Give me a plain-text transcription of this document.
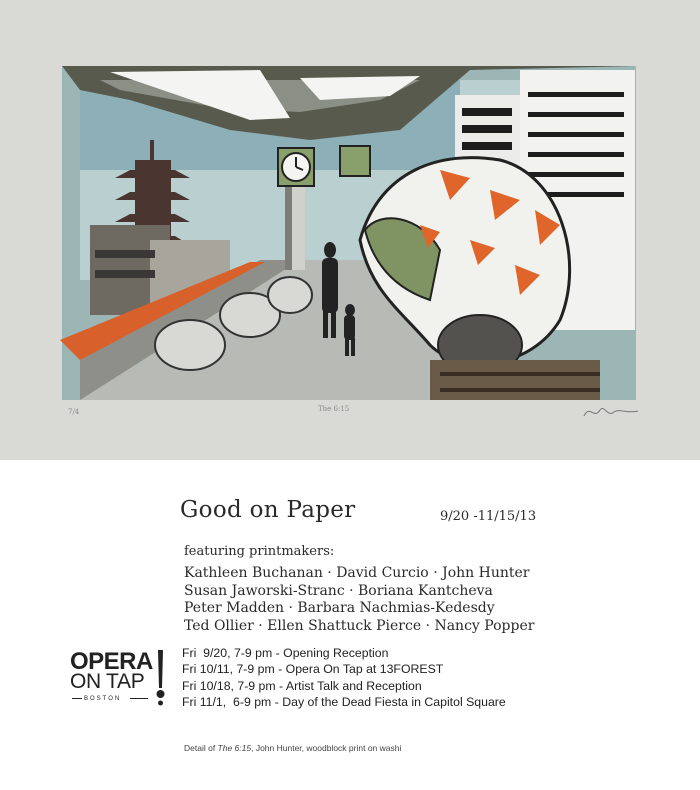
7/4	The 6:15
Good on Paper	9/20 -11/15/13
featuring printmakers:
Kathleen Buchanan · David Curcio · John Hunter
Susan Jaworski-Stranc · Boriana Kantcheva
Peter Madden · Barbara Nachmias-Kedesdy
Ted Ollier · Ellen Shattuck Pierce · Nancy Popper
OPERA
ON TAP
BOSTON
Fri  9/20, 7-9 pm - Opening Reception
Fri 10/11, 7-9 pm - Opera On Tap at 13FOREST
Fri 10/18, 7-9 pm - Artist Talk and Reception
Fri 11/1,  6-9 pm - Day of the Dead Fiesta in Capitol Square
Detail of The 6:15, John Hunter, woodblock print on washi
